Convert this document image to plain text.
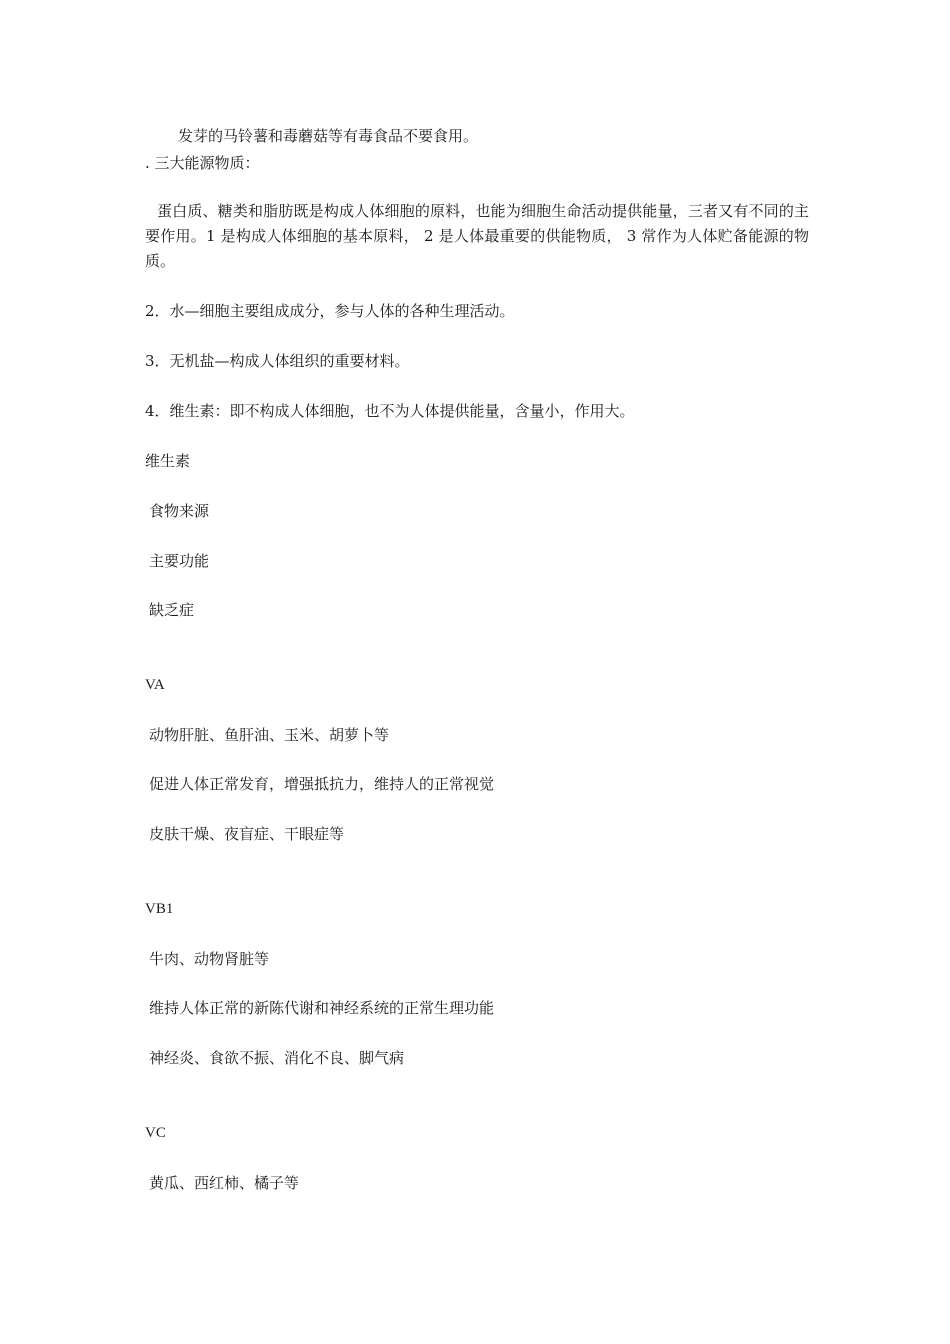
发芽的马铃薯和毒蘑菇等有毒食品不要食用。
. 三大能源物质：
蛋白质、糖类和脂肪既是构成人体细胞的原料，也能为细胞生命活动提供能量，三者又有不同的主要作用。1 是构成人体细胞的基本原料， 2 是人体最重要的供能物质， 3 常作为人体贮备能源的物质。
2．水—细胞主要组成成分，参与人体的各种生理活动。
3．无机盐—构成人体组织的重要材料。
4．维生素：即不构成人体细胞，也不为人体提供能量，含量小，作用大。
维生素
食物来源
主要功能
缺乏症
VA
动物肝脏、鱼肝油、玉米、胡萝卜等
促进人体正常发育，增强抵抗力，维持人的正常视觉
皮肤干燥、夜盲症、干眼症等
VB1
牛肉、动物肾脏等
维持人体正常的新陈代谢和神经系统的正常生理功能
神经炎、食欲不振、消化不良、脚气病
VC
黄瓜、西红柿、橘子等
